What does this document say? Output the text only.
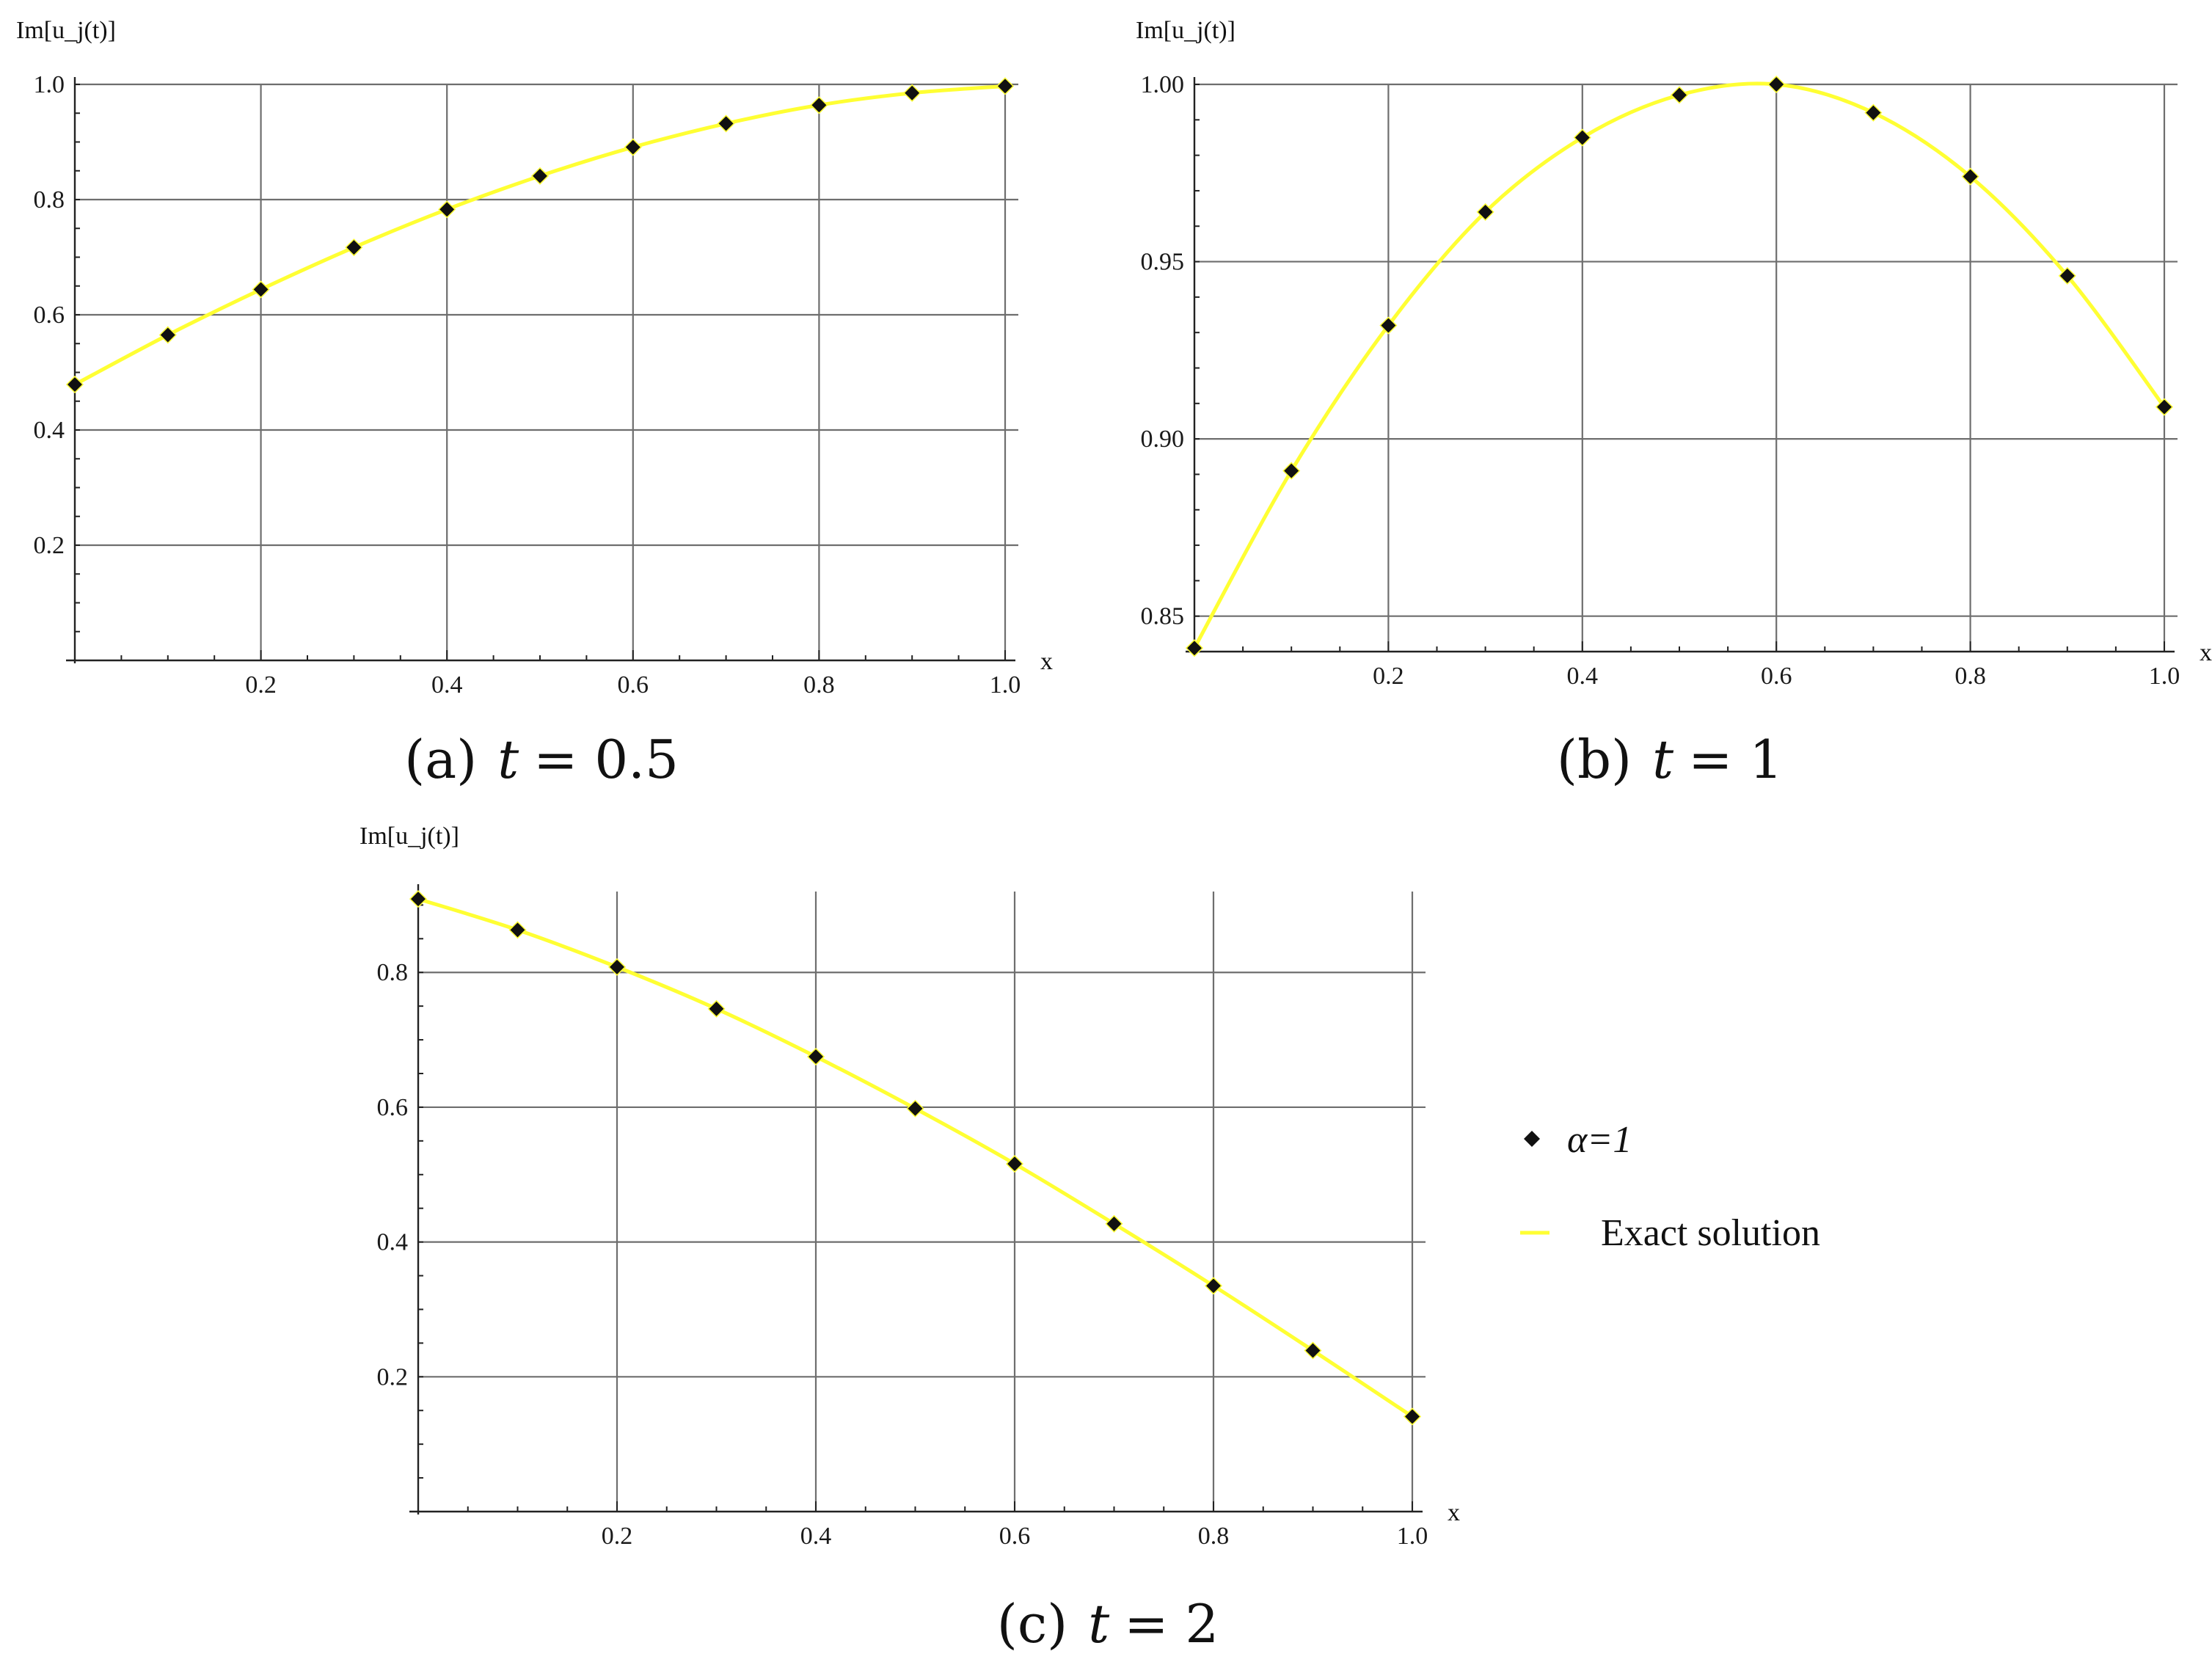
0.2	0.4	0.6	0.8	1.0
0.2
0.4
0.6
0.8
1.0
Im[u_j(t)]
x
(a) t = 0.5
0.2	0.4	0.6	0.8	1.0
0.85
0.90
0.95
1.00
Im[u_j(t)]
x
(b) t = 1
0.2	0.4	0.6	0.8	1.0
0.2
0.4
0.6
0.8
Im[u_j(t)]
x
(c) t = 2
α=1
Exact solution
